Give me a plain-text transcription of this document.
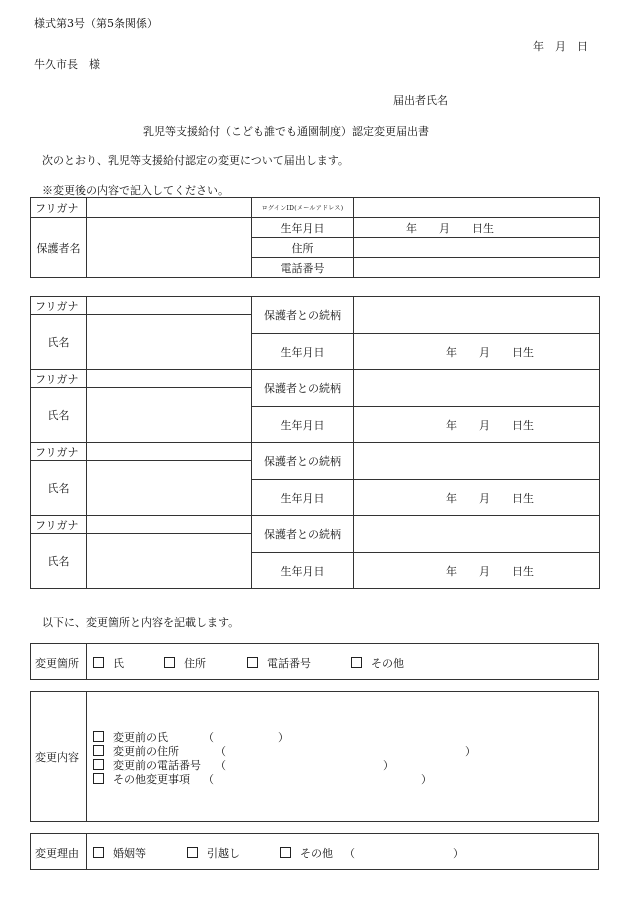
様式第3号（第5条関係）
年　月　日
牛久市長　様
届出者氏名
乳児等支援給付（こども誰でも通園制度）認定変更届出書
次のとおり、乳児等支援給付認定の変更について届出します。
※変更後の内容で記入してください。
フリガナ		ログインID(メールアドレス)	
保護者名		生年月日	年　　月　　日生
		住所	
		電話番号	
フリガナ		保護者との続柄	
氏名			
		生年月日	年　　月　　日生
フリガナ		保護者との続柄	
氏名			
		生年月日	年　　月　　日生
フリガナ		保護者との続柄	
氏名			
		生年月日	年　　月　　日生
フリガナ		保護者との続柄	
氏名			
		生年月日	年　　月　　日生
以下に、変更箇所と内容を記載します。
変更箇所	氏	住所	電話番号	その他
変更内容
変更前の氏	（	）
変更前の住所	（	）
変更前の電話番号 （	）
その他変更事項 （	）
変更理由	婚姻等	引越し	その他 （	）
